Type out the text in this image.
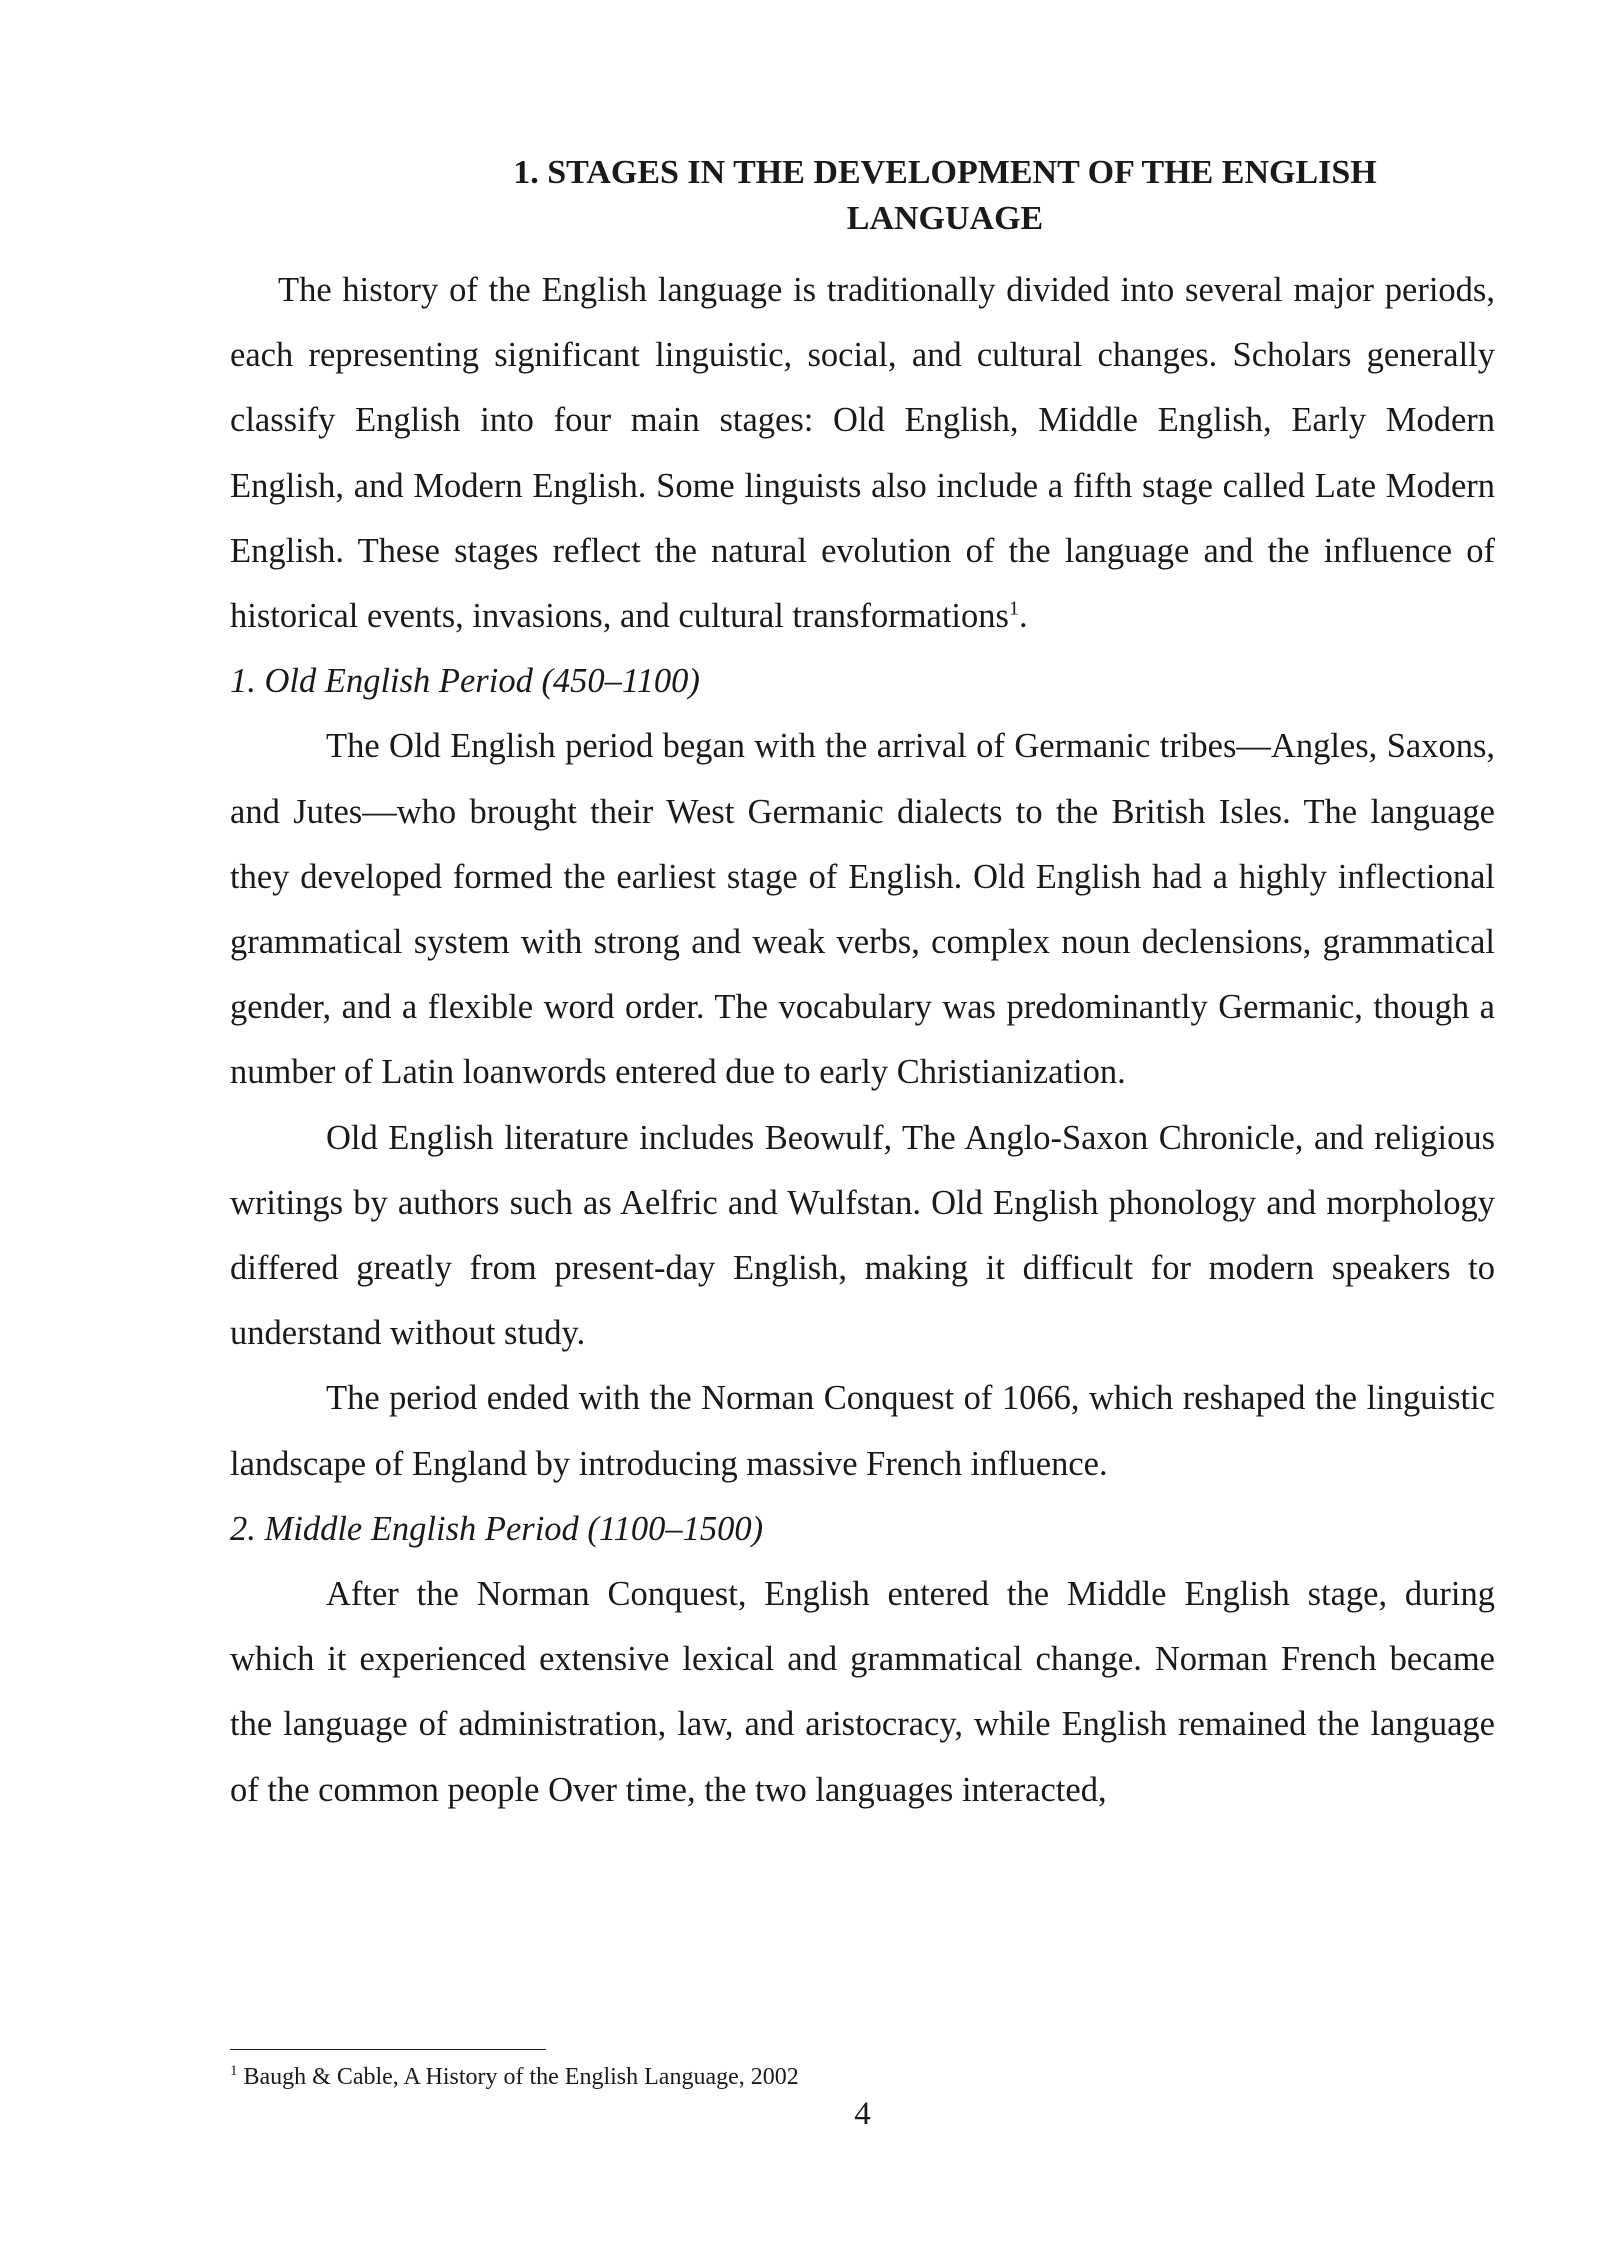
1. STAGES IN THE DEVELOPMENT OF THE ENGLISH
LANGUAGE

The history of the English language is traditionally divided into several major periods, each representing significant linguistic, social, and cultural changes. Scholars generally classify English into four main stages: Old English, Middle English, Early Modern English, and Modern English. Some linguists also include a fifth stage called Late Modern English. These stages reflect the natural evolution of the language and the influence of historical events, invasions, and cultural transformations$^1$.

1. Old English Period (450–1100)

The Old English period began with the arrival of Germanic tribes—Angles, Saxons, and Jutes—who brought their West Germanic dialects to the British Isles. The language they developed formed the earliest stage of English. Old English had a highly inflectional grammatical system with strong and weak verbs, complex noun declensions, grammatical gender, and a flexible word order. The vocabulary was predominantly Germanic, though a number of Latin loanwords entered due to early Christianization.

Old English literature includes Beowulf, The Anglo-Saxon Chronicle, and religious writings by authors such as Aelfric and Wulfstan. Old English phonology and morphology differed greatly from present-day English, making it difficult for modern speakers to understand without study.

The period ended with the Norman Conquest of 1066, which reshaped the linguistic landscape of England by introducing massive French influence.

2. Middle English Period (1100–1500)

After the Norman Conquest, English entered the Middle English stage, during which it experienced extensive lexical and grammatical change. Norman French became the language of administration, law, and aristocracy, while English remained the language of the common people Over time, the two languages interacted,

$^1$ Baugh & Cable, A History of the English Language, 2002

4
